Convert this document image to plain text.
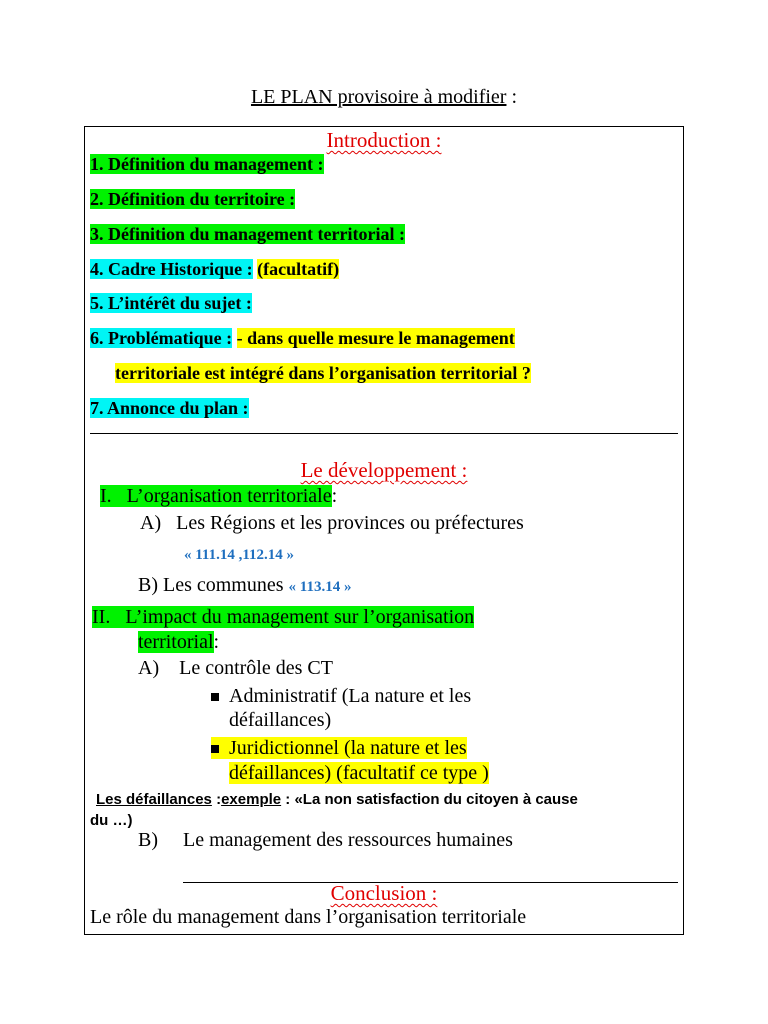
LE PLAN provisoire à modifier :
Introduction :
1. Définition du management :
2. Définition du territoire :
3. Définition du management territorial :
4. Cadre Historique : (facultatif)
5. L’intérêt du sujet :
6. Problématique : - dans quelle mesure le management
territoriale est intégré dans l’organisation territorial ?
7. Annonce du plan :
Le développement :
I. L’organisation territoriale:
A) Les Régions et les provinces ou préfectures
« 111.14 ,112.14 »
B) Les communes « 113.14 »
II. L’impact du management sur l’organisation
territorial:
A) Le contrôle des CT
Administratif (La nature et les
défaillances)
Juridictionnel (la nature et les
défaillances) (facultatif ce type )
Les défaillances :exemple : «La non satisfaction du citoyen à cause
du …)
B) Le management des ressources humaines
Conclusion :
Le rôle du management dans l’organisation territoriale
